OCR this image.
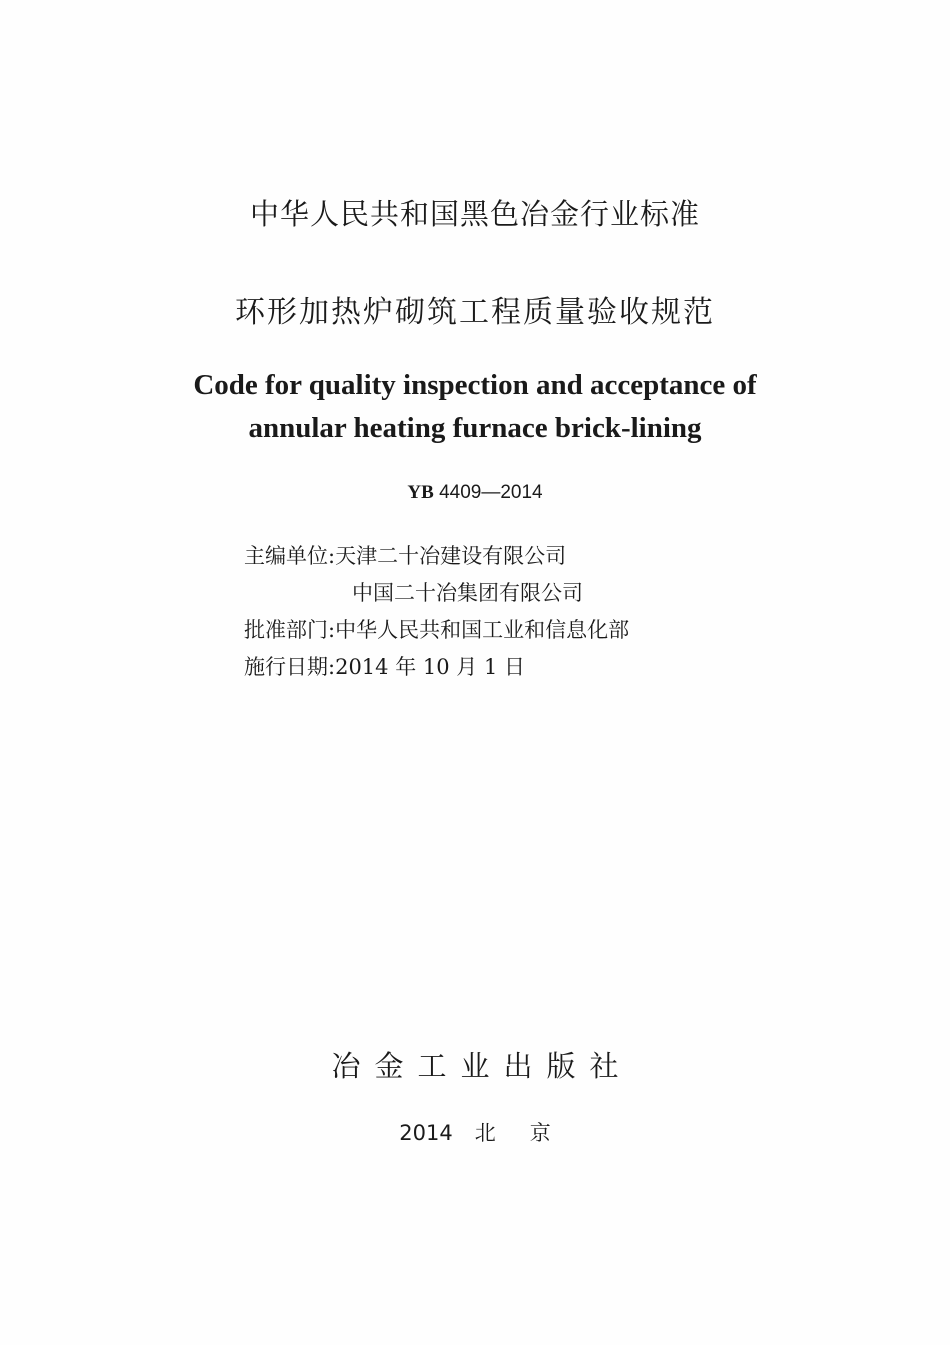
中华人民共和国黑色冶金行业标准
环形加热炉砌筑工程质量验收规范
Code for quality inspection and acceptance of
annular heating furnace brick-lining
YB 4409—2014
主编单位:天津二十冶建设有限公司
中国二十冶集团有限公司
批准部门:中华人民共和国工业和信息化部
施行日期:2014 年 10 月 1 日
冶金工业出版社
2014 北 京
